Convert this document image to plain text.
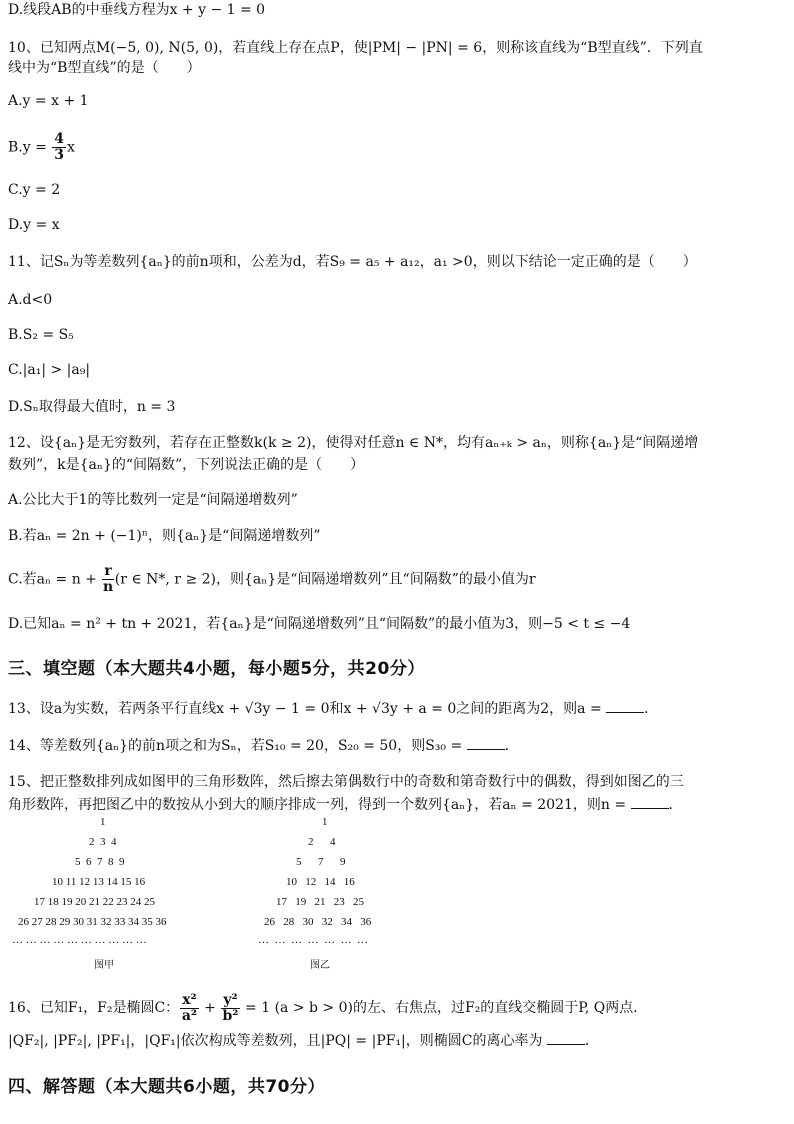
D.线段AB的中垂线方程为x + y − 1 = 0
10、已知两点M(−5, 0), N(5, 0)，若直线上存在点P，使|PM| − |PN| = 6，则称该直线为“B型直线”．下列直
线中为“B型直线”的是（　　）
A.y = x + 1
$B.y = \frac{4}{3}$ x
C.y = 2
D.y = x
11、记Sₙ为等差数列{aₙ}的前n项和，公差为d，若S₉ = a₅ + a₁₂，a₁ >0，则以下结论一定正确的是（　　）
A.d<0
B.S₂ = S₅
C.|a₁| > |a₉|
D.Sₙ取得最大值时，n = 3
12、设{aₙ}是无穷数列，若存在正整数k(k ≥ 2)，使得对任意n ∈ N*，均有aₙ₊ₖ > aₙ，则称{aₙ}是“间隔递增
数列”，k是{aₙ}的“间隔数”，下列说法正确的是（　　）
A.公比大于1的等比数列一定是“间隔递增数列”
B.若aₙ = 2n + (−1)ⁿ，则{aₙ}是“间隔递增数列”
C.若$a_n = n + \frac{r}{n} (r$ ∈ N*, r ≥ 2)，则{aₙ}是“间隔递增数列”且“间隔数”的最小值为r
D.已知aₙ = n² + tn + 2021，若{aₙ}是“间隔递增数列”且“间隔数”的最小值为3，则−5 < t ≤ −4
三、填空题（本大题共4小题，每小题5分，共20分）
13、设a为实数，若两条平行直线x + √3y − 1 = 0和x + √3y + a = 0之间的距离为2，则a =	．
14、等差数列{aₙ}的前n项之和为Sₙ，若S₁₀ = 20，S₂₀ = 50，则S₃₀ =	．
15、把正整数排列成如图甲的三角形数阵，然后擦去第偶数行中的奇数和第奇数行中的偶数，得到如图乙的三
角形数阵，再把图乙中的数按从小到大的顺序排成一列，得到一个数列{aₙ}，若aₙ = 2021，则n =	．
1
2  3  4
5  6  7  8  9
10 11 12 13 14 15 16
17 18 19 20 21 22 23 24 25
26 27 28 29 30 31 32 33 34 35 36
… … … … … … … … … …
图甲
1
2      4
5      7      9
10   12   14   16
17   19   21   23   25
26   28   30   32   34   36
…  …  …  …  …  …  …
图乙
16、已知F₁，F₂是椭圆C： $\frac{\text{x²}}{\text{a²}} + \frac{\text{y²}}{\text{b²}} = 1$ (a > b > 0)的左、右焦点，过F₂的直线交椭圆于P, Q两点．
|QF₂|, |PF₂|, |PF₁|，|QF₁|依次构成等差数列，且|PQ| = |PF₁|，则椭圆C的离心率为	．
四、解答题（本大题共6小题，共70分）
